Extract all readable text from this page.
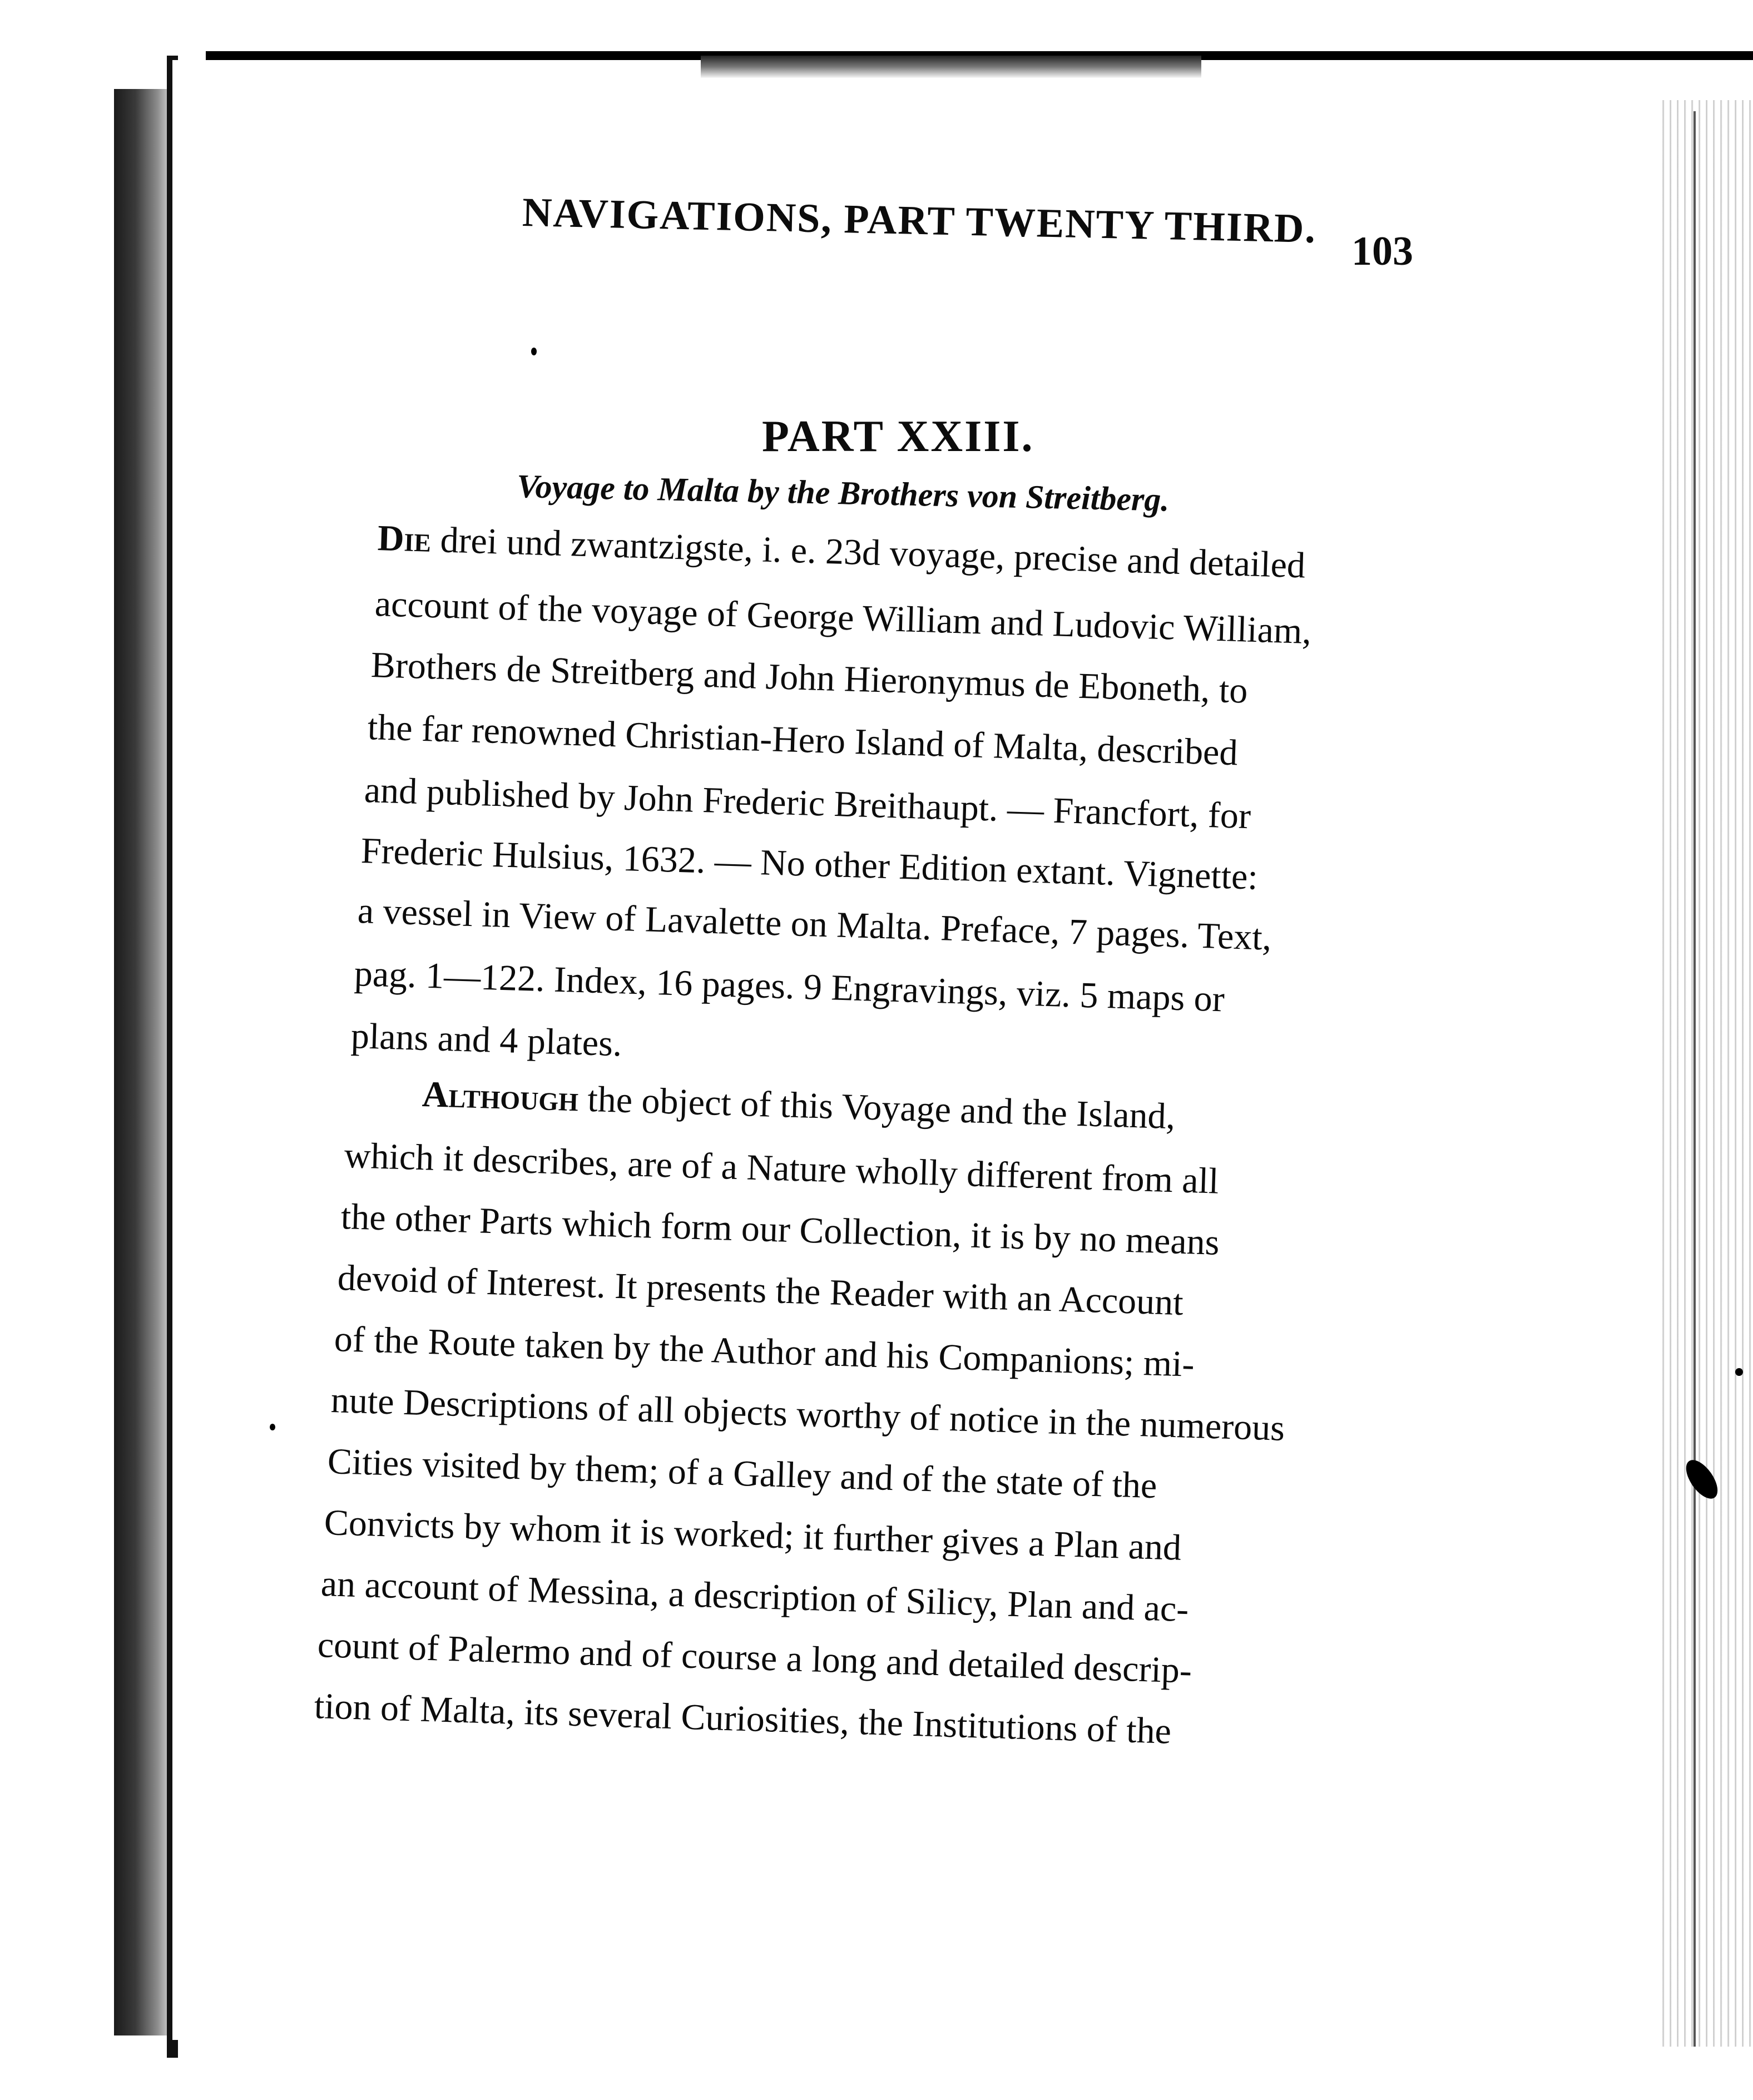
NAVIGATIONS, PART TWENTY THIRD. 103
PART XXIII.
Voyage to Malta by the Brothers von Streitberg.
Die drei und zwantzigste, i. e. 23d voyage, precise and detailed
account of the voyage of George William and Ludovic William,
Brothers de Streitberg and John Hieronymus de Eboneth, to
the far renowned Christian-Hero Island of Malta, described
and published by John Frederic Breithaupt. — Francfort, for
Frederic Hulsius, 1632. — No other Edition extant. Vignette:
a vessel in View of Lavalette on Malta. Preface, 7 pages. Text,
pag. 1—122. Index, 16 pages. 9 Engravings, viz. 5 maps or
plans and 4 plates.
Although the object of this Voyage and the Island,
which it describes, are of a Nature wholly different from all
the other Parts which form our Collection, it is by no means
devoid of Interest. It presents the Reader with an Account
of the Route taken by the Author and his Companions; mi-
nute Descriptions of all objects worthy of notice in the numerous
Cities visited by them; of a Galley and of the state of the
Convicts by whom it is worked; it further gives a Plan and
an account of Messina, a description of Silicy, Plan and ac-
count of Palermo and of course a long and detailed descrip-
tion of Malta, its several Curiosities, the Institutions of the
